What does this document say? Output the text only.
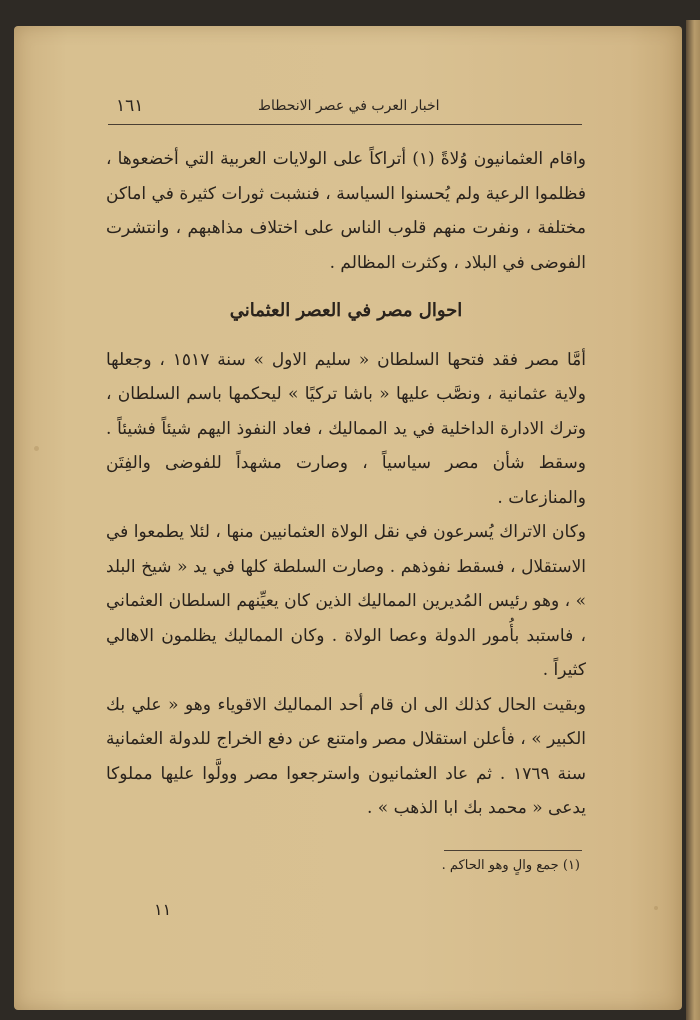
اخبار العرب في عصر الانحطاط
١٦١

واقام العثمانيون وُلاةً (١) أتراكاً على الولايات العربية التي أخضعوها ، فظلموا الرعية ولم يُحسنوا السياسة ، فنشبت ثورات كثيرة في اماكن مختلفة ، ونفرت منهم قلوب الناس على اختلاف مذاهبهم ، وانتشرت الفوضى في البلاد ، وكثرت المظالم .

احوال مصر في العصر العثماني

أمَّا مصر فقد فتحها السلطان « سليم الاول » سنة ١٥١٧ ، وجعلها ولاية عثمانية ، ونصَّب عليها « باشا تركيًا » ليحكمها باسم السلطان ، وترك الادارة الداخلية في يد المماليك ، فعاد النفوذ اليهم شيئاً فشيئاً . وسقط شأن مصر سياسياً ، وصارت مشهداً للفوضى والفِتَن والمنازعات .

وكان الاتراك يُسرعون في نقل الولاة العثمانيين منها ، لئلا يطمعوا في الاستقلال ، فسقط نفوذهم . وصارت السلطة كلها في يد « شيخ البلد » ، وهو رئيس المُديرين المماليك الذين كان يعيِّنهم السلطان العثماني ، فاستبد بأُمور الدولة وعصا الولاة . وكان المماليك يظلمون الاهالي كثيراً .

وبقيت الحال كذلك الى ان قام أحد المماليك الاقوياء وهو « علي بك الكبير » ، فأعلن استقلال مصر وامتنع عن دفع الخراج للدولة العثمانية سنة ١٧٦٩ . ثم عاد العثمانيون واسترجعوا مصر وولَّوا عليها مملوكا يدعى « محمد بك ابا الذهب » .

(١) جمع والٍ وهو الحاكم .
١١
